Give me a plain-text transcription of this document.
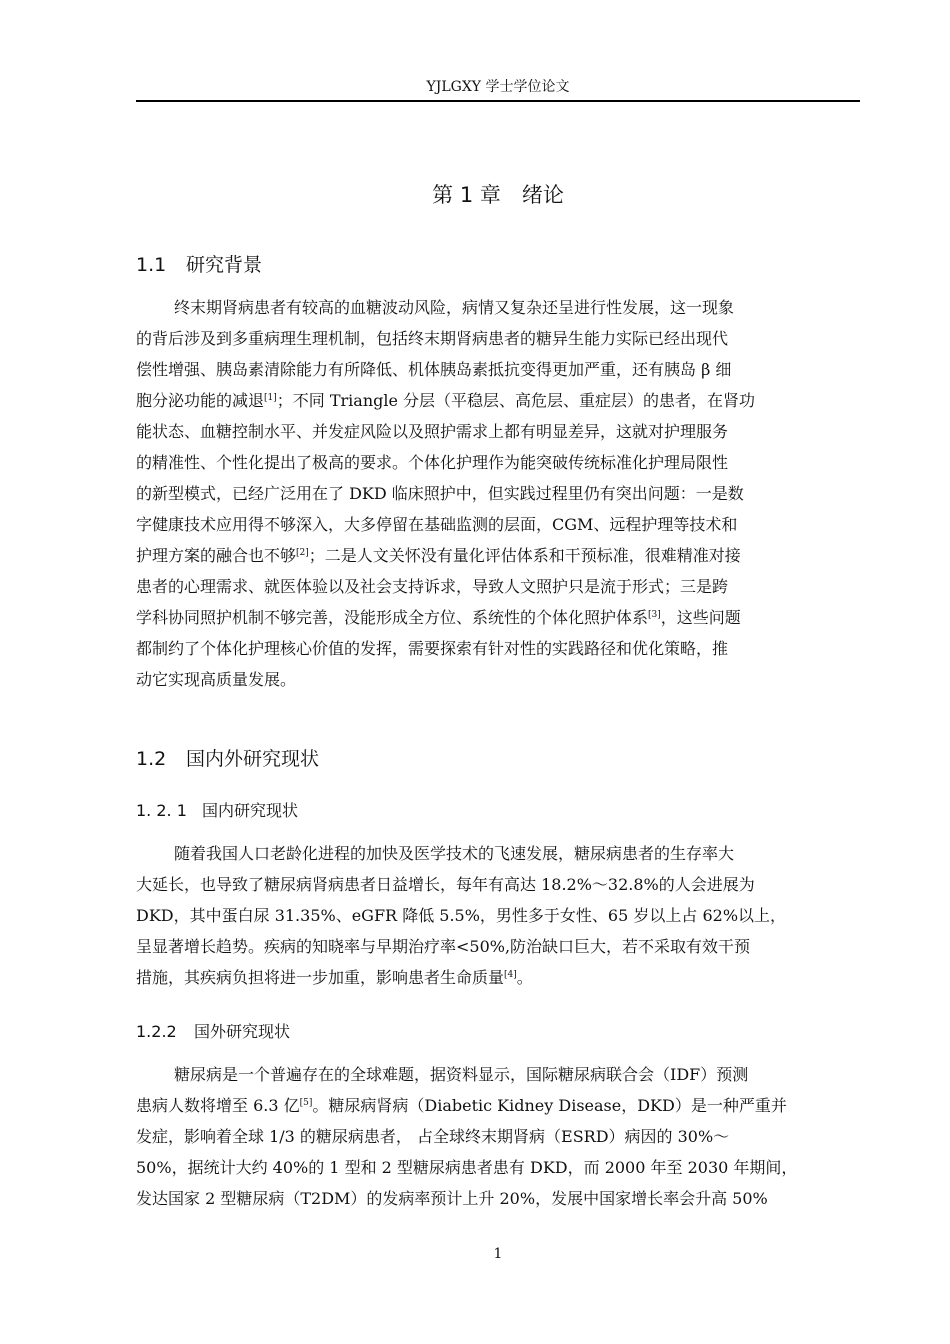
YJLGXY 学士学位论文
第 1 章　绪论
1.1 研究背景
终末期肾病患者有较高的血糖波动风险，病情又复杂还呈进行性发展，这一现象
的背后涉及到多重病理生理机制，包括终末期肾病患者的糖异生能力实际已经出现代
偿性增强、胰岛素清除能力有所降低、机体胰岛素抵抗变得更加严重，还有胰岛 β 细
胞分泌功能的减退[1]；不同 Triangle 分层（平稳层、高危层、重症层）的患者，在肾功
能状态、血糖控制水平、并发症风险以及照护需求上都有明显差异，这就对护理服务
的精准性、个性化提出了极高的要求。个体化护理作为能突破传统标准化护理局限性
的新型模式，已经广泛用在了 DKD 临床照护中，但实践过程里仍有突出问题：一是数
字健康技术应用得不够深入，大多停留在基础监测的层面，CGM、远程护理等技术和
护理方案的融合也不够[2]；二是人文关怀没有量化评估体系和干预标准，很难精准对接
患者的心理需求、就医体验以及社会支持诉求，导致人文照护只是流于形式；三是跨
学科协同照护机制不够完善，没能形成全方位、系统性的个体化照护体系[3]，这些问题
都制约了个体化护理核心价值的发挥，需要探索有针对性的实践路径和优化策略，推
动它实现高质量发展。
1.2 国内外研究现状
1. 2. 1 国内研究现状
随着我国人口老龄化进程的加快及医学技术的飞速发展，糖尿病患者的生存率大
大延长，也导致了糖尿病肾病患者日益增长，每年有高达 18.2%～32.8%的人会进展为
DKD，其中蛋白尿 31.35%、eGFR 降低 5.5%，男性多于女性、65 岁以上占 62%以上，
呈显著增长趋势。疾病的知晓率与早期治疗率<50%,防治缺口巨大，若不采取有效干预
措施，其疾病负担将进一步加重，影响患者生命质量[4]。
1.2.2 国外研究现状
糖尿病是一个普遍存在的全球难题，据资料显示，国际糖尿病联合会（IDF）预测
患病人数将增至 6.3 亿[5]。糖尿病肾病（Diabetic Kidney Disease，DKD）是一种严重并
发症，影响着全球 1/3 的糖尿病患者， 占全球终末期肾病（ESRD）病因的 30%～
50%，据统计大约 40%的 1 型和 2 型糖尿病患者患有 DKD，而 2000 年至 2030 年期间，
发达国家 2 型糖尿病（T2DM）的发病率预计上升 20%，发展中国家增长率会升高 50%
1
